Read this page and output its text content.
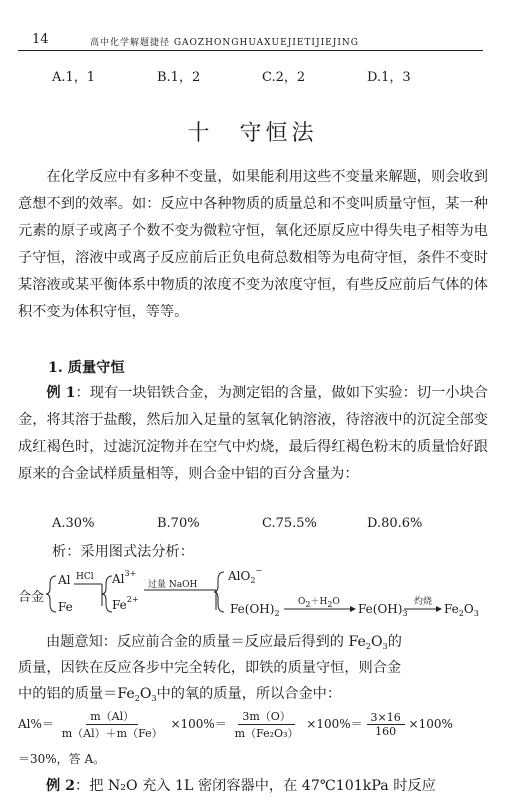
14	高中化学解题捷径 GAOZHONGHUAXUEJIETIJIEJING
A.1，1	B.1，2	C.2，2	D.1，3
十　守恒法

在化学反应中有多种不变量，如果能利用这些不变量来解题，则会收到意想不到的效率。如：反应中各种物质的质量总和不变叫质量守恒，某一种元素的原子或离子个数不变为微粒守恒，氧化还原反应中得失电子相等为电子守恒，溶液中或离子反应前后正负电荷总数相等为电荷守恒，条件不变时某溶液或某平衡体系中物质的浓度不变为浓度守恒，有些反应前后气体的体积不变为体积守恒，等等。

1. 质量守恒

例 1：现有一块铝铁合金，为测定铝的含量，做如下实验：切一小块合金，将其溶于盐酸，然后加入足量的氢氧化钠溶液，待溶液中的沉淀全部变成红褐色时，过滤沉淀物并在空气中灼烧，最后得红褐色粉末的质量恰好跟原来的合金试样质量相等，则合金中铝的百分含量为：

A.30%	B.70%	C.75.5%	D.80.6%
析：采用图式法分析：
合金
Al
Fe
HCl $Al^{3+}$
$Fe^{2+}$
过量 NaOH
AlO$_2$−
$Fe(OH)_2$
O2＋H2O $Fe(OH)_3$
灼烧 $Fe_2O_3$
由题意知：反应前合金的质量＝反应最后得到的 $Fe_2O_3$的
质量，因铁在反应各步中完全转化，即铁的质量守恒，则合金
中的铝的质量$=Fe_2O_3$中的氧的质量，所以合金中：
$Al\%= \frac{m(Al)}{m(Al)+m(Fe)} \times 100\%= \frac{3m(O)}{\text{m（Fe₂O₃）}} \times 100\%= \frac{3\times 16}{160} \times 100\%$
＝30%，答 A。
例 2：把 N₂O 充入 1L 密闭容器中，在 47℃101kPa 时反应
